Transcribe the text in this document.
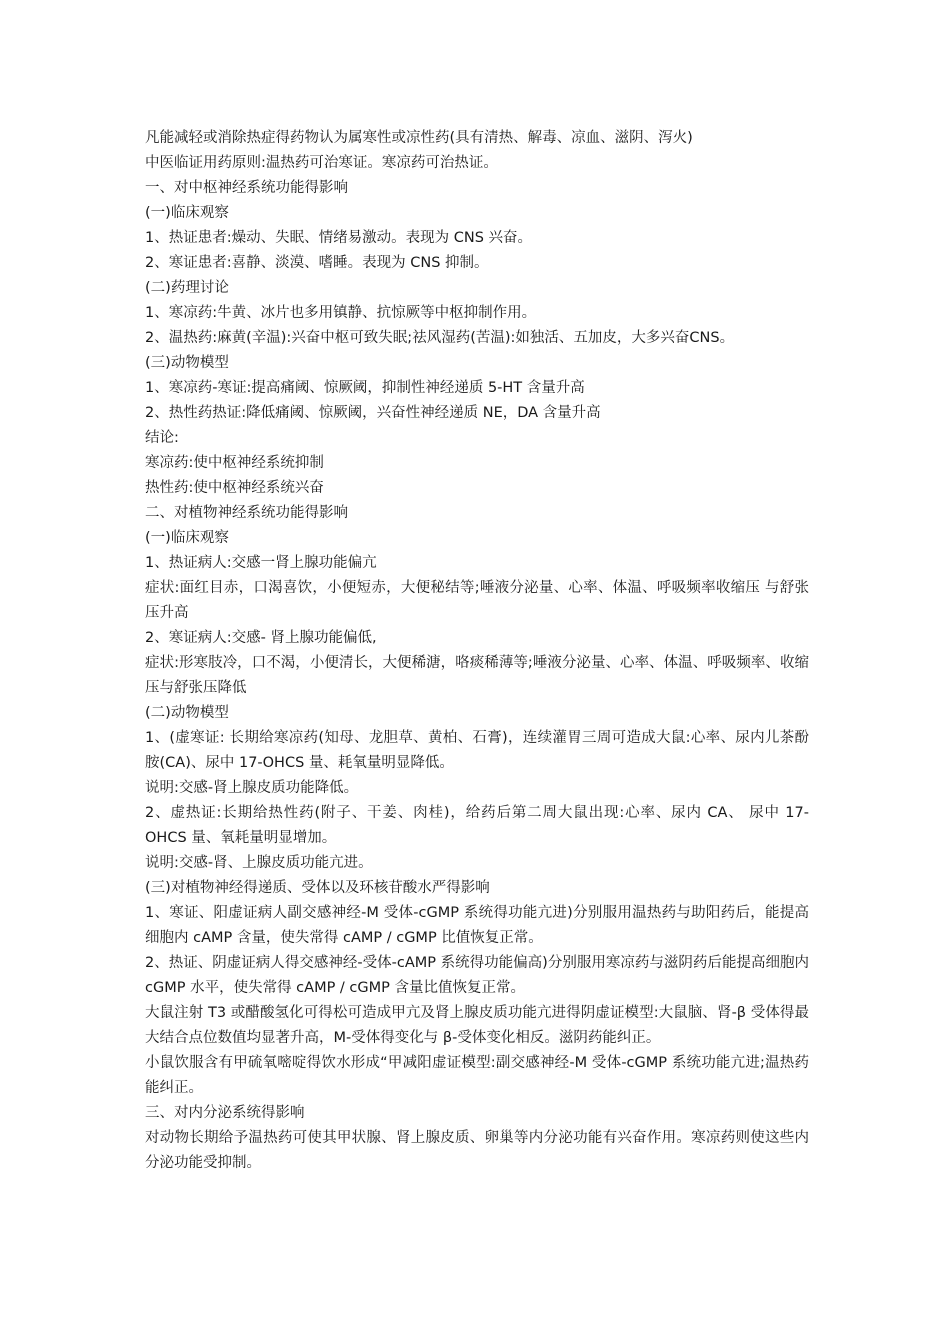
凡能减轻或消除热症得药物认为属寒性或凉性药(具有清热、解毒、凉血、滋阴、泻火)

中医临证用药原则:温热药可治寒证。寒凉药可治热证。

一、对中枢神经系统功能得影响

(一)临床观察

1、热证患者:燥动、失眠、情绪易激动。表现为 CNS 兴奋。

2、寒证患者:喜静、淡漠、嗜睡。表现为 CNS 抑制。

(二)药理讨论

1、寒凉药:牛黄、冰片也多用镇静、抗惊厥等中枢抑制作用。

2、温热药:麻黄(辛温):兴奋中枢可致失眠;祛风湿药(苦温):如独活、五加皮，大多兴奋CNS。

(三)动物模型

1、寒凉药-寒证:提高痛阈、惊厥阈，抑制性神经递质 5-HT 含量升高

2、热性药热证:降低痛阈、惊厥阈，兴奋性神经递质 NE，DA 含量升高

结论:

寒凉药:使中枢神经系统抑制

热性药:使中枢神经系统兴奋

二、对植物神经系统功能得影响

(一)临床观察

1、热证病人:交感一肾上腺功能偏亢

症状:面红目赤，口渴喜饮，小便短赤，大便秘结等;唾液分泌量、心率、体温、呼吸频率收缩压 与舒张压升高

2、寒证病人:交感- 肾上腺功能偏低,

症状:形寒肢冷，口不渴，小便清长，大便稀溏，咯痰稀薄等;唾液分泌量、心率、体温、呼吸频率、收缩压与舒张压降低

(二)动物模型

1、(虚寒证: 长期给寒凉药(知母、龙胆草、黄柏、石膏)，连续灌胃三周可造成大鼠:心率、尿内儿茶酚胺(CA)、尿中 17-OHCS 量、耗氧量明显降低。

说明:交感-肾上腺皮质功能降低。

2、虚热证:长期给热性药(附子、干姜、肉桂)，给药后第二周大鼠出现:心率、尿内 CA、 尿中 17-OHCS 量、氧耗量明显增加。

说明:交感-肾、上腺皮质功能亢进。

(三)对植物神经得递质、受体以及环核苷酸水严得影响

1、寒证、阳虚证病人副交感神经-M 受体-cGMP 系统得功能亢进)分别服用温热药与助阳药后，能提高细胞内 cAMP 含量，使失常得 cAMP / cGMP 比值恢复正常。

2、热证、阴虚证病人得交感神经-受体-cAMP 系统得功能偏高)分别服用寒凉药与滋阴药后能提高细胞内 cGMP 水平，使失常得 cAMP / cGMP 含量比值恢复正常。

大鼠注射 T3 或醋酸氢化可得松可造成甲亢及肾上腺皮质功能亢进得阴虚证模型:大鼠脑、肾-β 受体得最大结合点位数值均显著升高，M-受体得变化与 β-受体变化相反。滋阴药能纠正。

小鼠饮服含有甲硫氧嘧啶得饮水形成“甲减阳虚证模型:副交感神经-M 受体-cGMP 系统功能亢进;温热药能纠正。

三、对内分泌系统得影响

对动物长期给予温热药可使其甲状腺、肾上腺皮质、卵巢等内分泌功能有兴奋作用。寒凉药则使这些内分泌功能受抑制。
